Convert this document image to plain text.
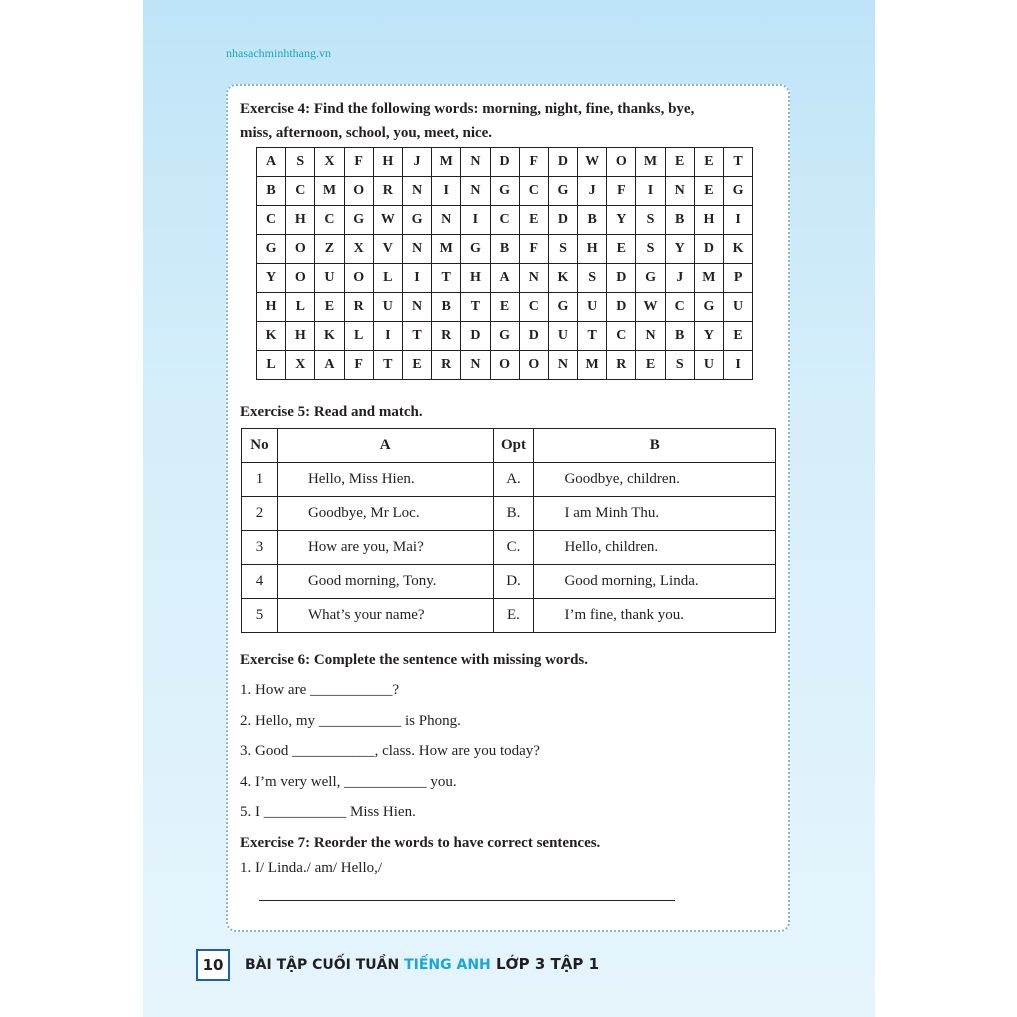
nhasachminhthang.vn
Exercise 4: Find the following words: morning, night, fine, thanks, bye,
miss, afternoon, school, you, meet, nice.
A	S	X	F	H	J	M	N	D	F	D	W	O	M	E	E	T
B	C	M	O	R	N	I	N	G	C	G	J	F	I	N	E	G
C	H	C	G	W	G	N	I	C	E	D	B	Y	S	B	H	I
G	O	Z	X	V	N	M	G	B	F	S	H	E	S	Y	D	K
Y	O	U	O	L	I	T	H	A	N	K	S	D	G	J	M	P
H	L	E	R	U	N	B	T	E	C	G	U	D	W	C	G	U
K	H	K	L	I	T	R	D	G	D	U	T	C	N	B	Y	E
L	X	A	F	T	E	R	N	O	O	N	M	R	E	S	U	I
Exercise 5: Read and match.
No	A	Opt	B
1	Hello, Miss Hien.	A.	Goodbye, children.
2	Goodbye, Mr Loc.	B.	I am Minh Thu.
3	How are you, Mai?	C.	Hello, children.
4	Good morning, Tony.	D.	Good morning, Linda.
5	What’s your name?	E.	I’m fine, thank you.
Exercise 6: Complete the sentence with missing words.
1. How are ___________?
2. Hello, my ___________ is Phong.
3. Good ___________, class. How are you today?
4. I’m very well, ___________ you.
5. I ___________ Miss Hien.
Exercise 7: Reorder the words to have correct sentences.
1. I/ Linda./ am/ Hello,/
10	BÀI TẬP CUỐI TUẦN TIẾNG ANH LỚP 3 TẬP 1
